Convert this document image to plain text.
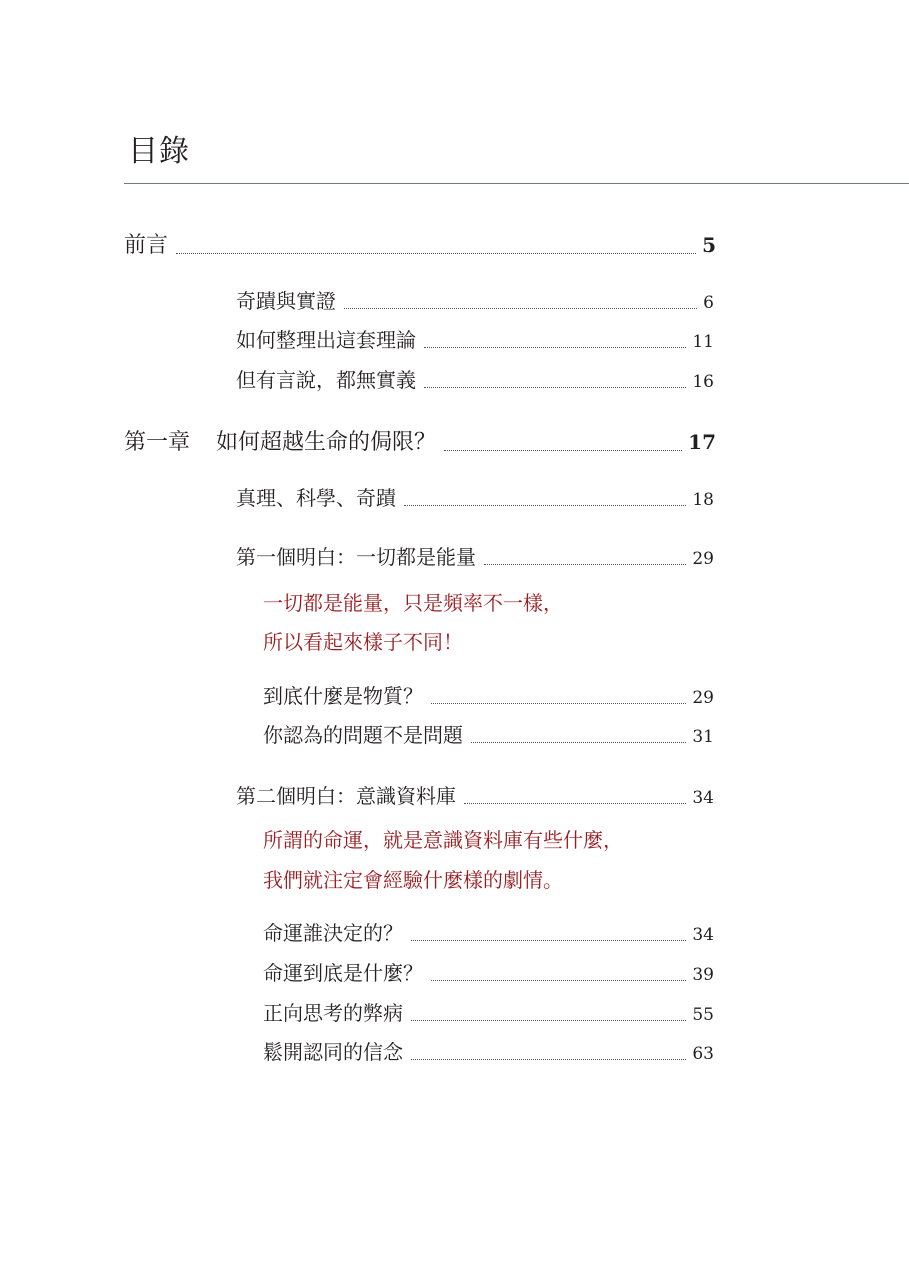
目錄
前言	5
奇蹟與實證	6
如何整理出這套理論	11
但有言說，都無實義	16
第一章 如何超越生命的侷限？	17
真理、科學、奇蹟	18
第一個明白：一切都是能量	29
一切都是能量，只是頻率不一樣，
所以看起來樣子不同！
到底什麼是物質？	29
你認為的問題不是問題	31
第二個明白：意識資料庫	34
所謂的命運，就是意識資料庫有些什麼，
我們就注定會經驗什麼樣的劇情。
命運誰決定的？	34
命運到底是什麼？	39
正向思考的弊病	55
鬆開認同的信念	63
